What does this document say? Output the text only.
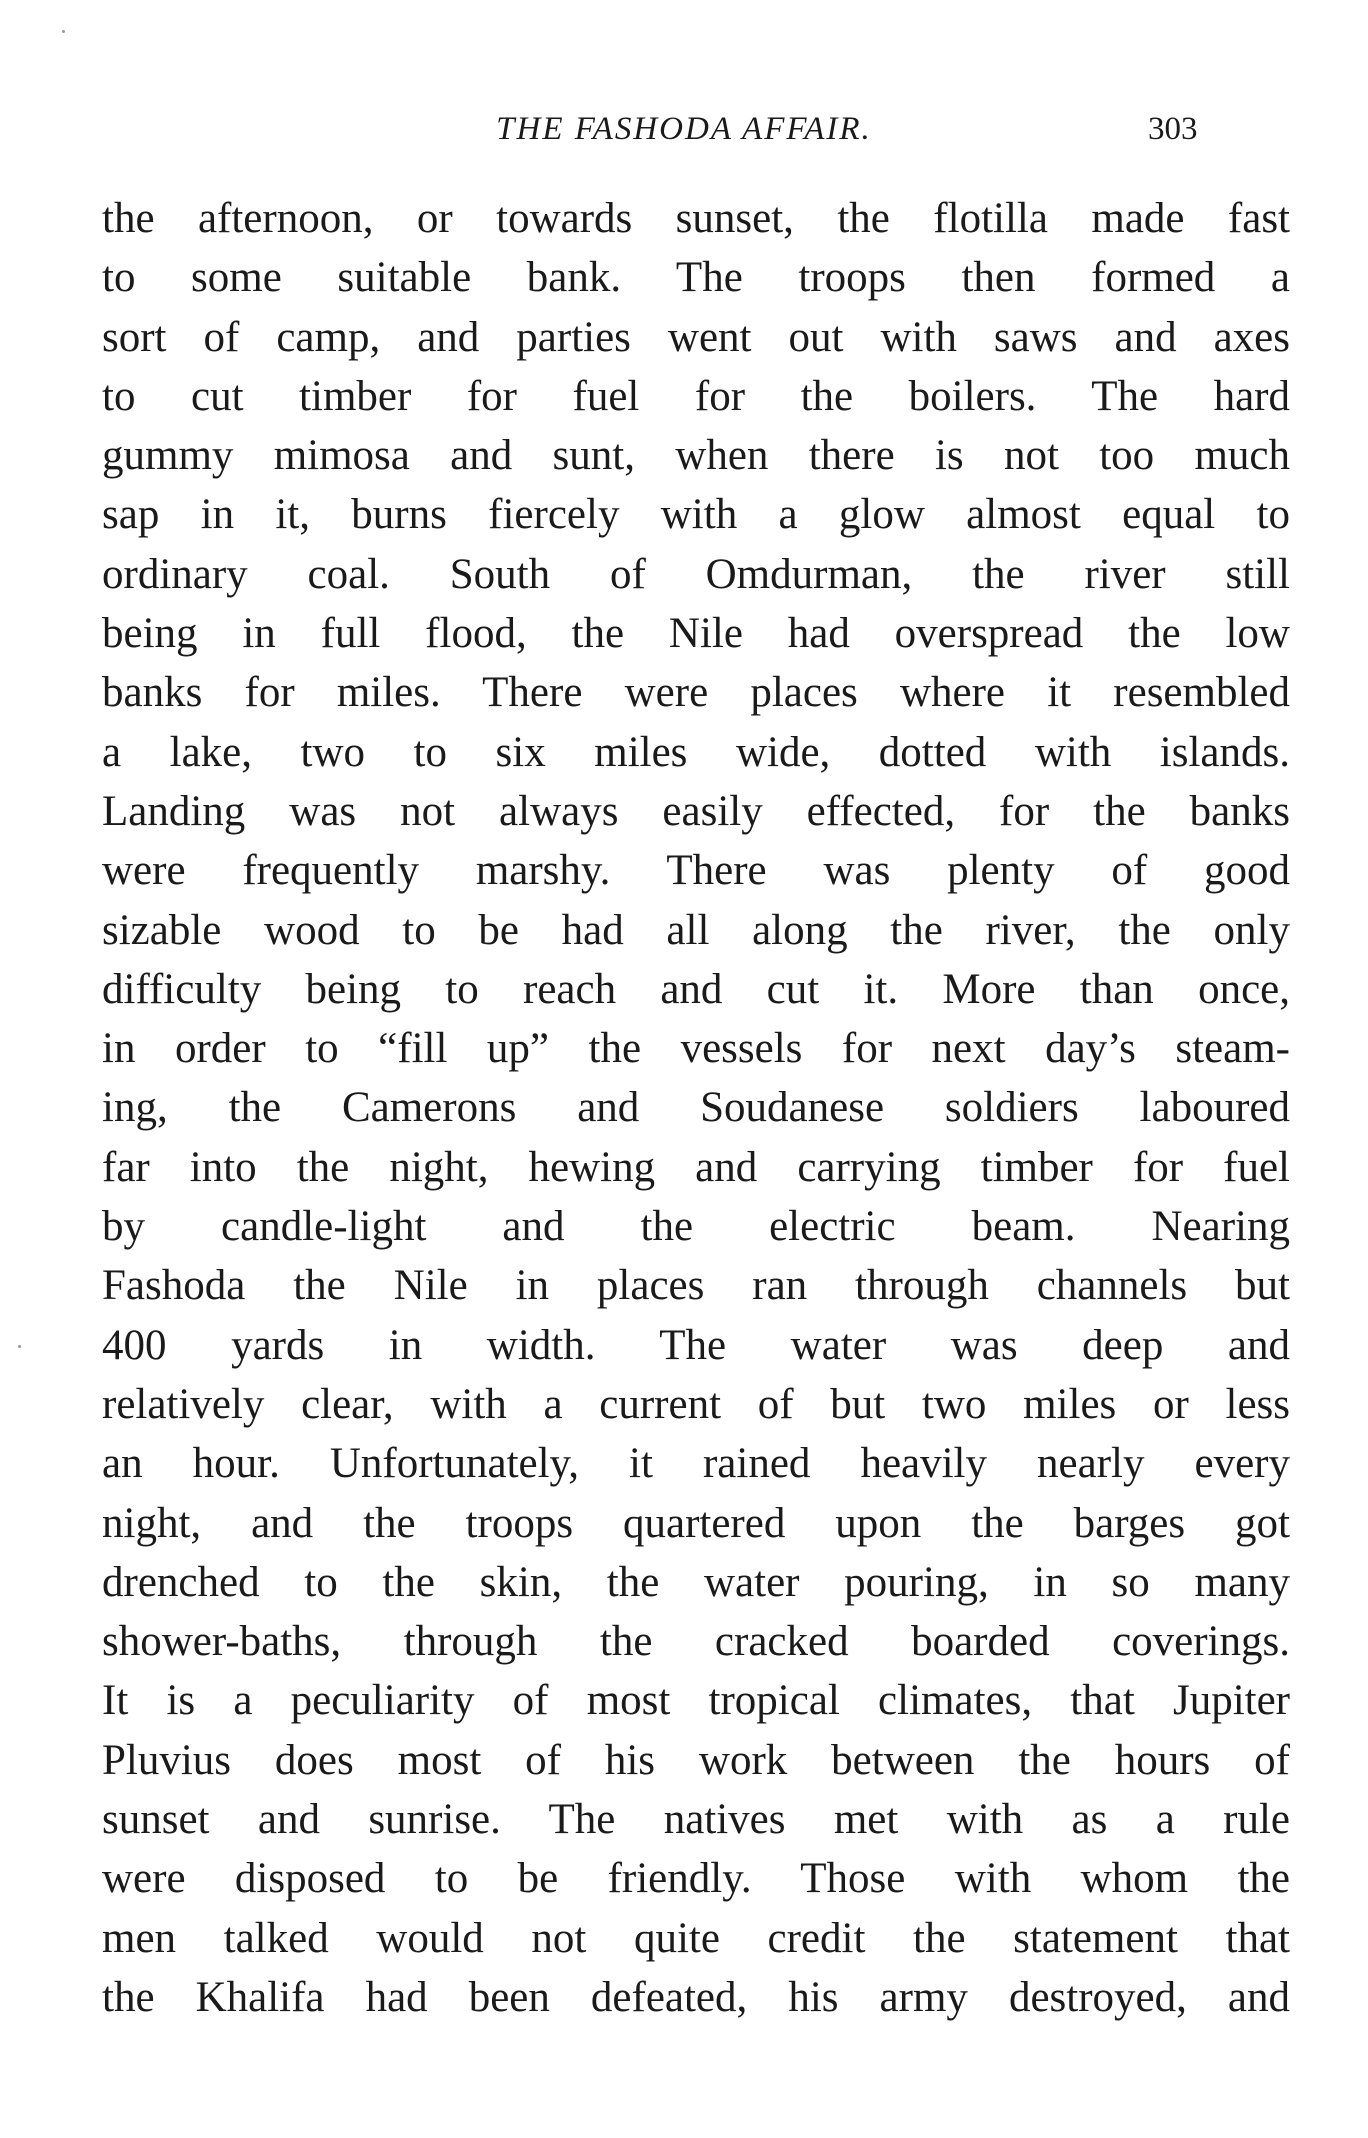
THE FASHODA AFFAIR.	303
the afternoon, or towards sunset, the flotilla made fast
to some suitable bank. The troops then formed a
sort of camp, and parties went out with saws and axes
to cut timber for fuel for the boilers. The hard
gummy mimosa and sunt, when there is not too much
sap in it, burns fiercely with a glow almost equal to
ordinary coal. South of Omdurman, the river still
being in full flood, the Nile had overspread the low
banks for miles. There were places where it resembled
a lake, two to six miles wide, dotted with islands.
Landing was not always easily effected, for the banks
were frequently marshy. There was plenty of good
sizable wood to be had all along the river, the only
difficulty being to reach and cut it. More than once,
in order to “fill up” the vessels for next day’s steam-
ing, the Camerons and Soudanese soldiers laboured
far into the night, hewing and carrying timber for fuel
by candle-light and the electric beam. Nearing
Fashoda the Nile in places ran through channels but
400 yards in width. The water was deep and
relatively clear, with a current of but two miles or less
an hour. Unfortunately, it rained heavily nearly every
night, and the troops quartered upon the barges got
drenched to the skin, the water pouring, in so many
shower-baths, through the cracked boarded coverings.
It is a peculiarity of most tropical climates, that Jupiter
Pluvius does most of his work between the hours of
sunset and sunrise. The natives met with as a rule
were disposed to be friendly. Those with whom the
men talked would not quite credit the statement that
the Khalifa had been defeated, his army destroyed, and
